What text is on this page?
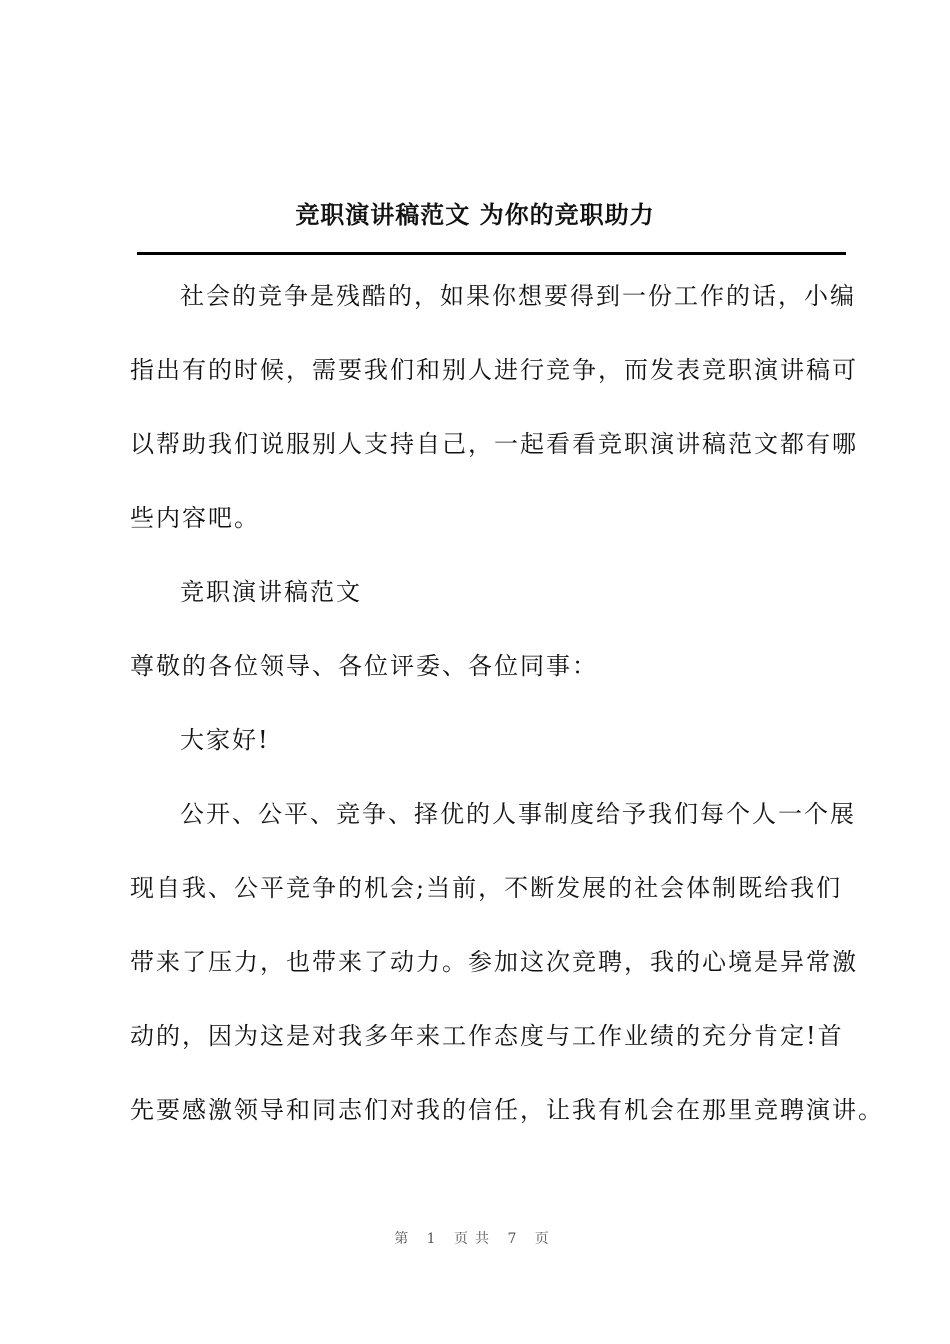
竞职演讲稿范文 为你的竞职助力
社会的竞争是残酷的，如果你想要得到一份工作的话，小编
指出有的时候，需要我们和别人进行竞争，而发表竞职演讲稿可
以帮助我们说服别人支持自己，一起看看竞职演讲稿范文都有哪
些内容吧。
竞职演讲稿范文
尊敬的各位领导、各位评委、各位同事：
大家好!
公开、公平、竞争、择优的人事制度给予我们每个人一个展
现自我、公平竞争的机会;当前，不断发展的社会体制既给我们
带来了压力，也带来了动力。参加这次竞聘，我的心境是异常激
动的，因为这是对我多年来工作态度与工作业绩的充分肯定!首
先要感激领导和同志们对我的信任，让我有机会在那里竞聘演讲。
第 1 页共 7 页
